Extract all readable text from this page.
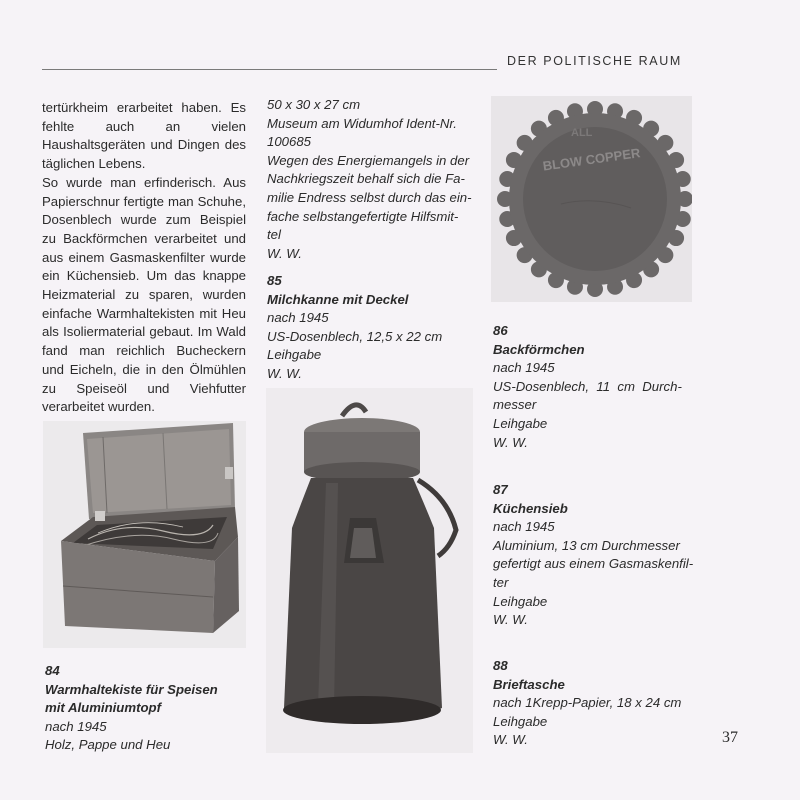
DER POLITISCHE RAUM

tertürkheim erarbeitet haben. Es fehlte auch an vielen Haushaltsgeräten und Dingen des täglichen Lebens.

So wurde man erfinderisch. Aus Papierschnur fertigte man Schuhe, Dosenblech wurde zum Beispiel zu Backförmchen verarbeitet und aus einem Gasmaskenfilter wurde ein Küchensieb. Um das knappe Heizmaterial zu sparen, wurden einfache Warmhaltekisten mit Heu als Isoliermaterial gebaut. Im Wald fand man reichlich Bucheckern und Eicheln, die in den Ölmühlen zu Speiseöl und Viehfutter verarbeitet wurden.

84
Warmhaltekiste für Speisen
mit Aluminiumtopf
nach 1945
Holz, Pappe und Heu
50 x 30 x 27 cm
Museum am Widumhof Ident-Nr.
100685
Wegen des Energiemangels in der
Nachkriegszeit behalf sich die Fa-
milie Endress selbst durch das ein-
fache selbstangefertigte Hilfsmit-
tel
W. W.
85
Milchkanne mit Deckel
nach 1945
US-Dosenblech, 12,5 x 22 cm
Leihgabe
W. W.
BLOW COPPER
ALL
86
Backförmchen
nach 1945
US-Dosenblech,  11  cm  Durch-
messer
Leihgabe
W. W.
87
Küchensieb
nach 1945
Aluminium, 13 cm Durchmesser
gefertigt aus einem Gasmaskenfil-
ter
Leihgabe
W. W.
88
Brieftasche
nach 1Krepp-Papier, 18 x 24 cm
Leihgabe
W. W.	37
